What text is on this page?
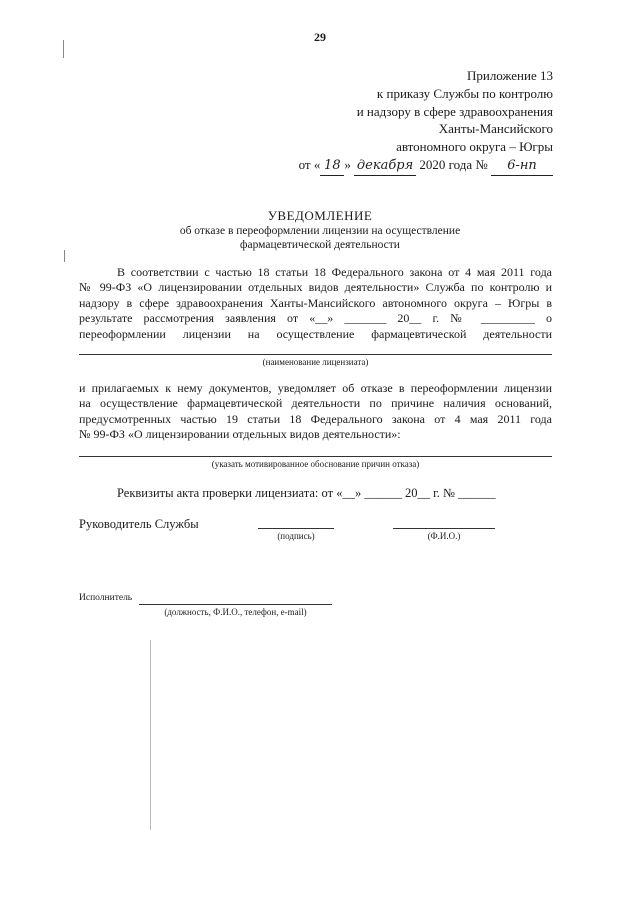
29
Приложение 13
к приказу Службы по контролю
и надзору в сфере здравоохранения
Ханты-Мансийского
автономного округа – Югры
от « 18 » декабря 2020 года № 6-нп
УВЕДОМЛЕНИЕ
об отказе в переоформлении лицензии на осуществление
фармацевтической деятельности
В соответствии с частью 18 статьи 18 Федерального закона от 4 мая 2011 года
№ 99-ФЗ «О лицензировании отдельных видов деятельности» Служба по контролю и
надзору в сфере здравоохранения Ханты-Мансийского автономного округа – Югры в
результате рассмотрения заявления от «__» _______ 20__ г. № _________ о
переоформлении лицензии на осуществление фармацевтической деятельности
(наименование лицензиата)
и прилагаемых к нему документов, уведомляет об отказе в переоформлении лицензии
на осуществление фармацевтической деятельности по причине наличия оснований,
предусмотренных частью 19 статьи 18 Федерального закона от 4 мая 2011 года
№ 99-ФЗ «О лицензировании отдельных видов деятельности»:
(указать мотивированное обоснование причин отказа)
Реквизиты акта проверки лицензиата: от «__» ______ 20__ г. № ______
Руководитель Службы
(подпись)	(Ф.И.О.)
Исполнитель
(должность, Ф.И.О., телефон, e-mail)
